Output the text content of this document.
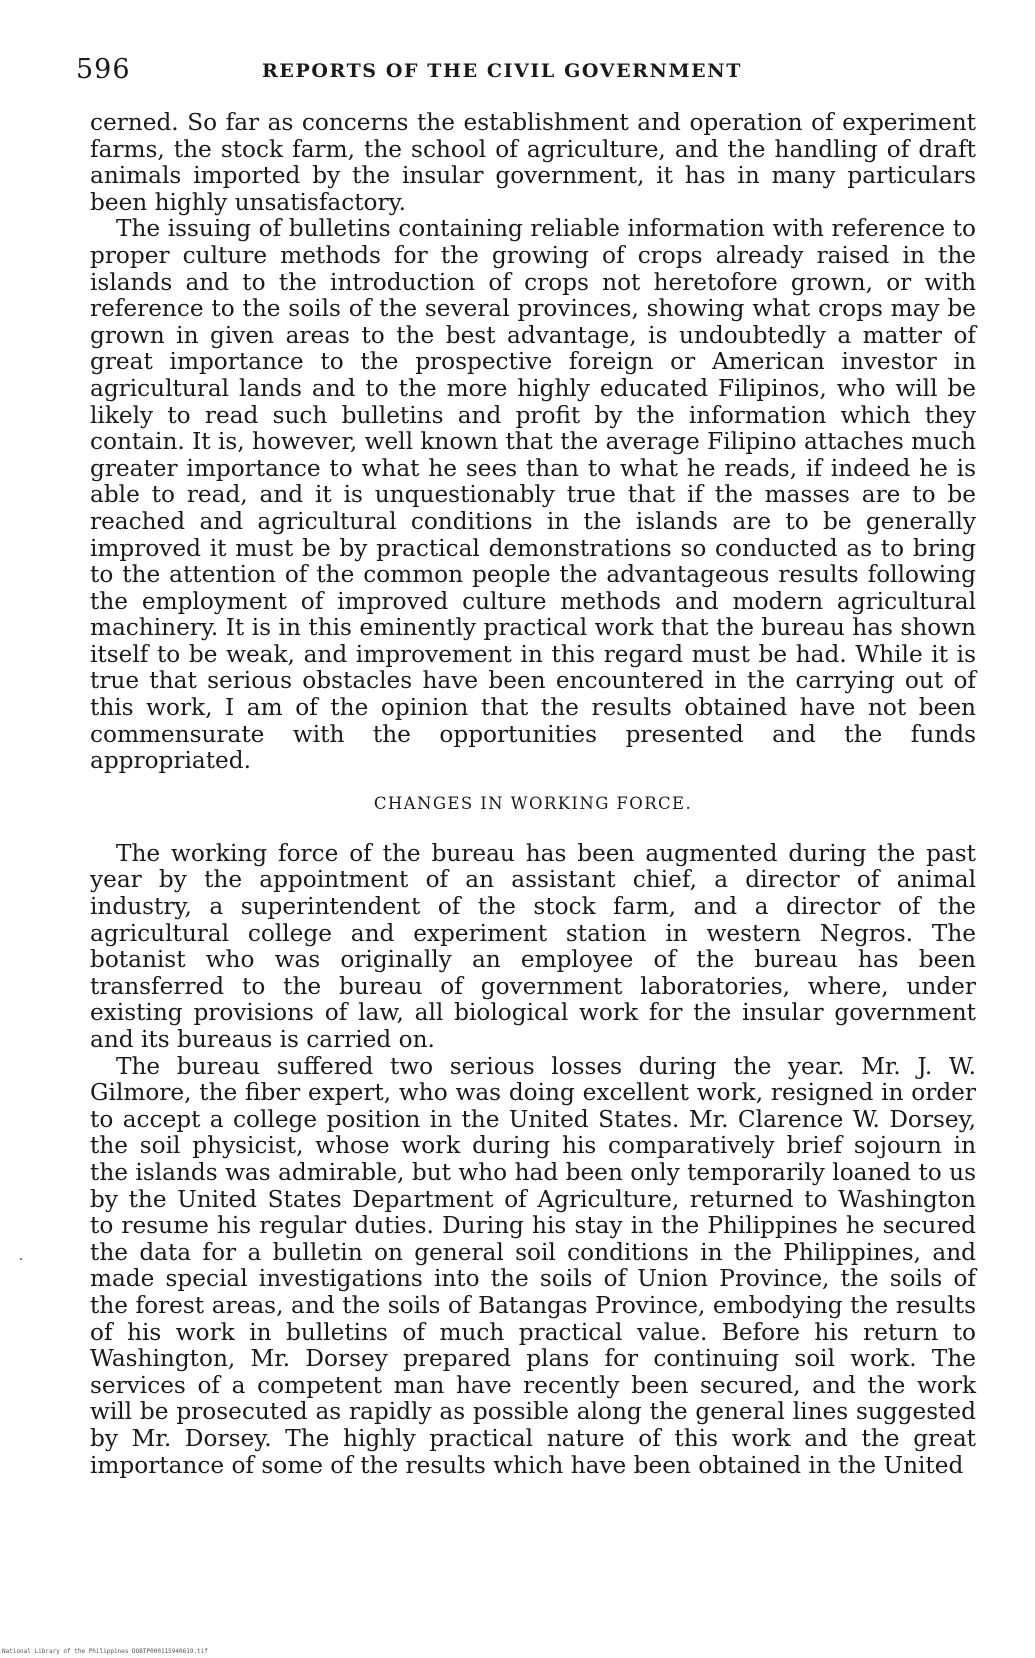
596	REPORTS OF THE CIVIL GOVERNMENT

cerned. So far as concerns the establishment and operation of experiment farms, the stock farm, the school of agriculture, and the handling of draft animals imported by the insular government, it has in many particulars been highly unsatisfactory.

The issuing of bulletins containing reliable information with reference to proper culture methods for the growing of crops already raised in the islands and to the introduction of crops not heretofore grown, or with reference to the soils of the several provinces, showing what crops may be grown in given areas to the best advantage, is undoubtedly a matter of great importance to the prospective foreign or American investor in agricultural lands and to the more highly educated Filipinos, who will be likely to read such bulletins and profit by the information which they contain. It is, however, well known that the average Filipino attaches much greater importance to what he sees than to what he reads, if indeed he is able to read, and it is unquestionably true that if the masses are to be reached and agricultural conditions in the islands are to be generally improved it must be by practical demonstrations so conducted as to bring to the attention of the common people the advantageous results following the employment of improved culture methods and modern agricultural machinery. It is in this eminently practical work that the bureau has shown itself to be weak, and improvement in this regard must be had. While it is true that serious obstacles have been encountered in the carrying out of this work, I am of the opinion that the results obtained have not been commensurate with the opportunities presented and the funds appropriated.

CHANGES IN WORKING FORCE.

The working force of the bureau has been augmented during the past year by the appointment of an assistant chief, a director of animal industry, a superintendent of the stock farm, and a director of the agricultural college and experiment station in western Negros. The botanist who was originally an employee of the bureau has been transferred to the bureau of government laboratories, where, under existing provisions of law, all biological work for the insular government and its bureaus is carried on.

The bureau suffered two serious losses during the year. Mr. J. W. Gilmore, the fiber expert, who was doing excellent work, resigned in order to accept a college position in the United States. Mr. Clarence W. Dorsey, the soil physicist, whose work during his comparatively brief sojourn in the islands was admirable, but who had been only temporarily loaned to us by the United States Department of Agriculture, returned to Washington to resume his regular duties. During his stay in the Philippines he secured the data for a bulletin on general soil conditions in the Philippines, and made special investigations into the soils of Union Province, the soils of the forest areas, and the soils of Batangas Province, embodying the results of his work in bulletins of much practical value. Before his return to Washington, Mr. Dorsey prepared plans for continuing soil work. The services of a competent man have recently been secured, and the work will be prosecuted as rapidly as possible along the general lines suggested by Mr. Dorsey. The highly practical nature of this work and the great importance of some of the results which have been obtained in the United

National Library of the Philippines DOBTP000115940619.tif
